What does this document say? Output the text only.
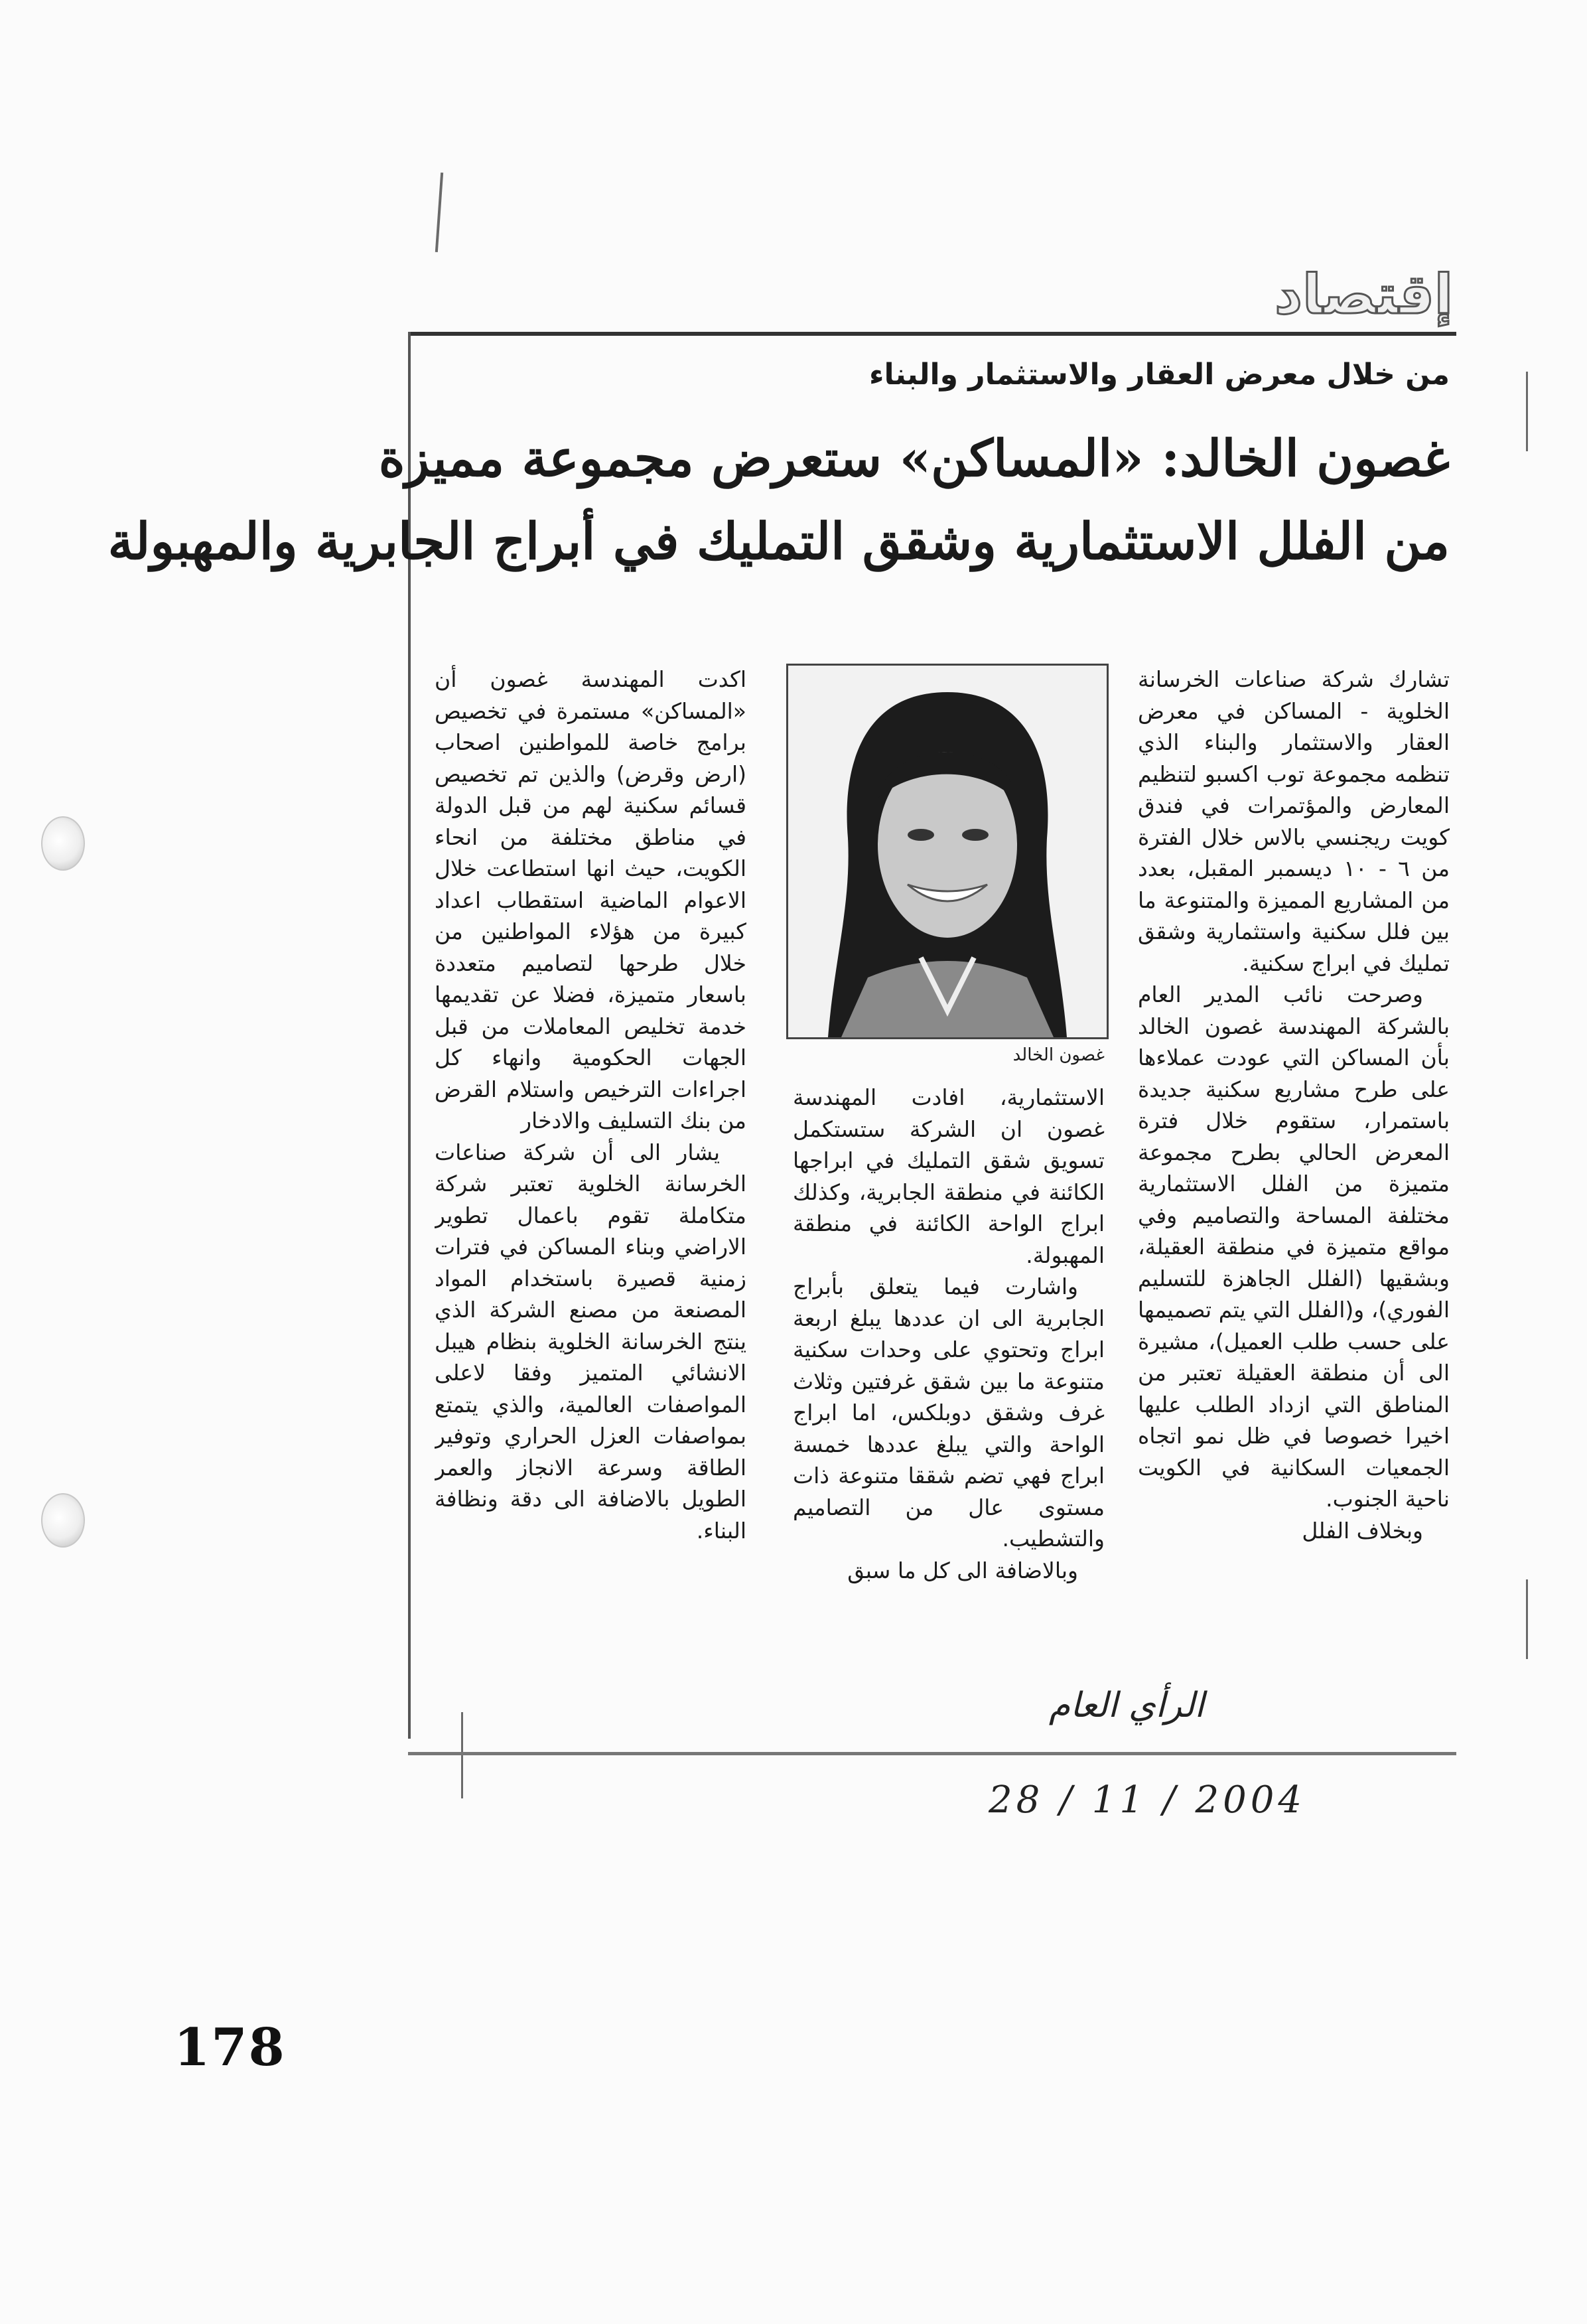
إقتصاد
من خلال معرض العقار والاستثمار والبناء
غصون الخالد: «المساكن» ستعرض مجموعة مميزة
من الفلل الاستثمارية وشقق التمليك في أبراج الجابرية والمهبولة

تشارك شركة صناعات الخرسانة الخلوية - المساكن في معرض العقار والاستثمار والبناء الذي تنظمه مجموعة توب اكسبو لتنظيم المعارض والمؤتمرات في فندق كويت ريجنسي بالاس خلال الفترة من ٦ - ١٠ ديسمبر المقبل، بعدد من المشاريع المميزة والمتنوعة ما بين فلل سكنية واستثمارية وشقق تمليك في ابراج سكنية.

وصرحت نائب المدير العام بالشركة المهندسة غصون الخالد بأن المساكن التي عودت عملاءها على طرح مشاريع سكنية جديدة باستمرار، ستقوم خلال فترة المعرض الحالي بطرح مجموعة متميزة من الفلل الاستثمارية مختلفة المساحة والتصاميم وفي مواقع متميزة في منطقة العقيلة، وبشقيها (الفلل الجاهزة للتسليم الفوري)، و(الفلل التي يتم تصميمها على حسب طلب العميل)، مشيرة الى أن منطقة العقيلة تعتبر من المناطق التي ازداد الطلب عليها اخيرا خصوصا في ظل نمو اتجاه الجمعيات السكانية في الكويت ناحية الجنوب.

وبخلاف الفلل

غصون الخالد

الاستثمارية، افادت المهندسة غصون ان الشركة ستستكمل تسويق شقق التمليك في ابراجها الكائنة في منطقة الجابرية، وكذلك ابراج الواحة الكائنة في منطقة المهبولة.

واشارت فيما يتعلق بأبراج الجابرية الى ان عددها يبلغ اربعة ابراج وتحتوي على وحدات سكنية متنوعة ما بين شقق غرفتين وثلاث غرف وشقق دوبلكس، اما ابراج الواحة والتي يبلغ عددها خمسة ابراج فهي تضم شققا متنوعة ذات مستوى عال من التصاميم والتشطيب.

وبالاضافة الى كل ما سبق

اكدت المهندسة غصون أن «المساكن» مستمرة في تخصيص برامج خاصة للمواطنين اصحاب (ارض وقرض) والذين تم تخصيص قسائم سكنية لهم من قبل الدولة في مناطق مختلفة من انحاء الكويت، حيث انها استطاعت خلال الاعوام الماضية استقطاب اعداد كبيرة من هؤلاء المواطنين من خلال طرحها لتصاميم متعددة باسعار متميزة، فضلا عن تقديمها خدمة تخليص المعاملات من قبل الجهات الحكومية وانهاء كل اجراءات الترخيص واستلام القرض من بنك التسليف والادخار

يشار الى أن شركة صناعات الخرسانة الخلوية تعتبر شركة متكاملة تقوم باعمال تطوير الاراضي وبناء المساكن في فترات زمنية قصيرة باستخدام المواد المصنعة من مصنع الشركة الذي ينتج الخرسانة الخلوية بنظام هيبل الانشائي المتميز وفقا لاعلى المواصفات العالمية، والذي يتمتع بمواصفات العزل الحراري وتوفير الطاقة وسرعة الانجاز والعمر الطويل بالاضافة الى دقة ونظافة البناء.

الرأي العام
28 / 11 / 2004
178
